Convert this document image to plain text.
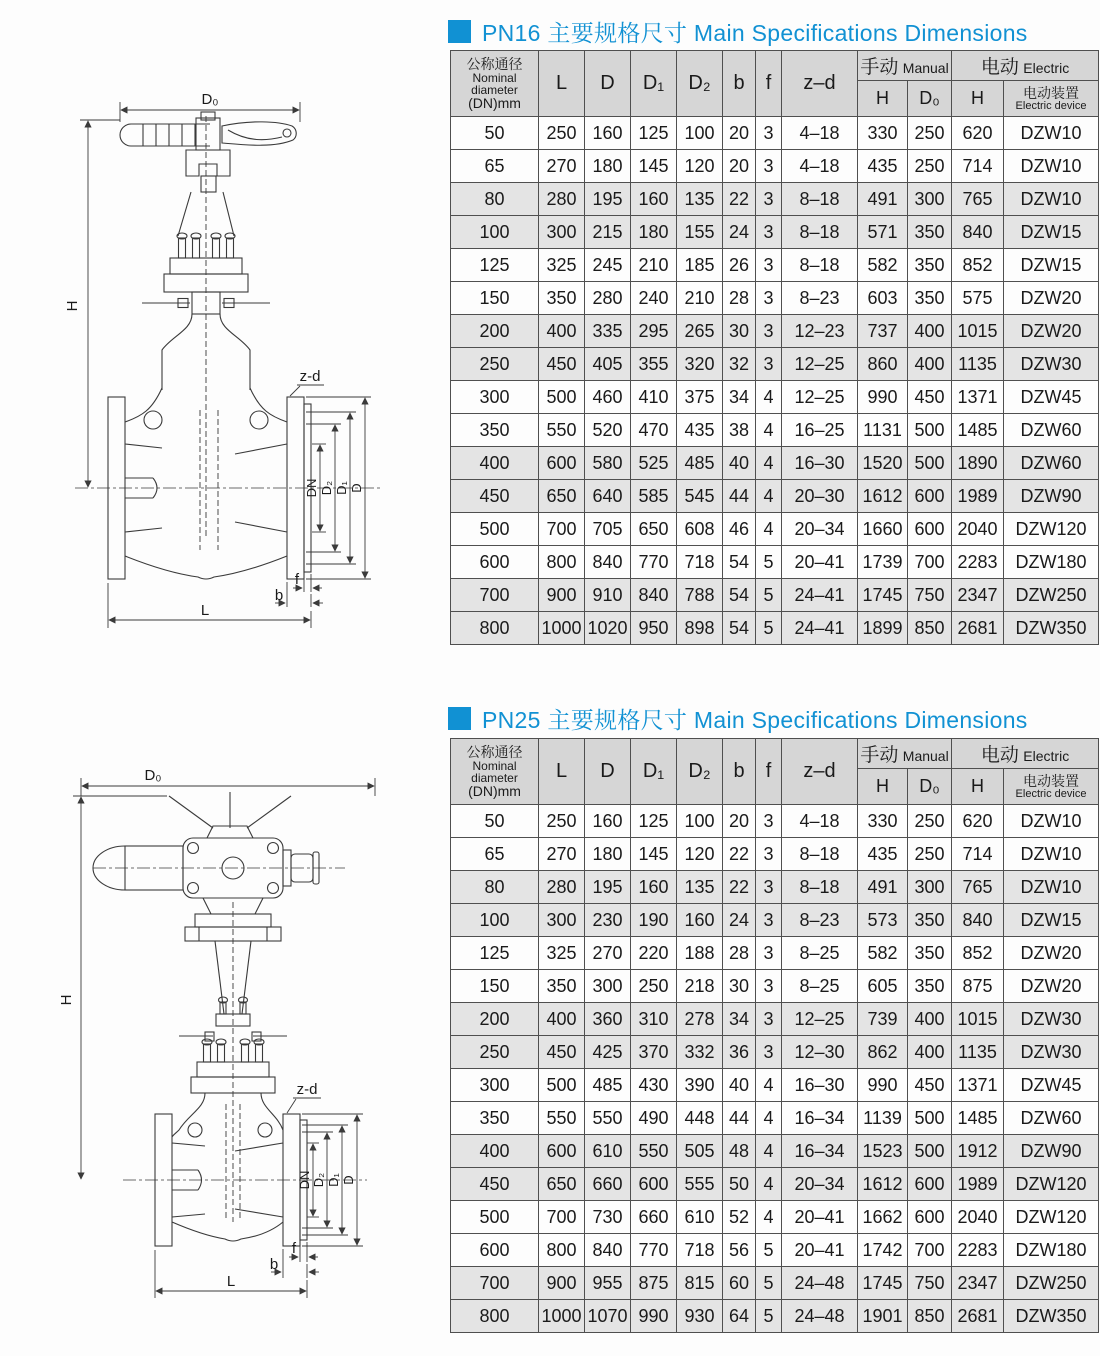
PN16 主要规格尺寸 Main Specifications Dimensions
公称通径
Nominal
diameter
(DN)mm	L	D	D₁	D₂	b	f	z–d	手动 Manual		电动 Electric	
								H	D₀	H	电动装置
Electric device

50	250	160	125	100	20	3	4–18	330	250	620	DZW10
65	270	180	145	120	20	3	4–18	435	250	714	DZW10
80	280	195	160	135	22	3	8–18	491	300	765	DZW10
100	300	215	180	155	24	3	8–18	571	350	840	DZW15
125	325	245	210	185	26	3	8–18	582	350	852	DZW15
150	350	280	240	210	28	3	8–23	603	350	575	DZW20
200	400	335	295	265	30	3	12–23	737	400	1015	DZW20
250	450	405	355	320	32	3	12–25	860	400	1135	DZW30
300	500	460	410	375	34	4	12–25	990	450	1371	DZW45
350	550	520	470	435	38	4	16–25	1131	500	1485	DZW60
400	600	580	525	485	40	4	16–30	1520	500	1890	DZW60
450	650	640	585	545	44	4	20–30	1612	600	1989	DZW90
500	700	705	650	608	46	4	20–34	1660	600	2040	DZW120
600	800	840	770	718	54	5	20–41	1739	700	2283	DZW180
700	900	910	840	788	54	5	24–41	1745	750	2347	DZW250
800	1000	1020	950	898	54	5	24–41	1899	850	2681	DZW350
PN25 主要规格尺寸 Main Specifications Dimensions
公称通径
Nominal
diameter
(DN)mm	L	D	D₁	D₂	b	f	z–d	手动 Manual		电动 Electric	
								H	D₀	H	电动装置
Electric device

50	250	160	125	100	20	3	4–18	330	250	620	DZW10
65	270	180	145	120	22	3	8–18	435	250	714	DZW10
80	280	195	160	135	22	3	8–18	491	300	765	DZW10
100	300	230	190	160	24	3	8–23	573	350	840	DZW15
125	325	270	220	188	28	3	8–25	582	350	852	DZW20
150	350	300	250	218	30	3	8–25	605	350	875	DZW20
200	400	360	310	278	34	3	12–25	739	400	1015	DZW30
250	450	425	370	332	36	3	12–30	862	400	1135	DZW30
300	500	485	430	390	40	4	16–30	990	450	1371	DZW45
350	550	550	490	448	44	4	16–34	1139	500	1485	DZW60
400	600	610	550	505	48	4	16–34	1523	500	1912	DZW90
450	650	660	600	555	50	4	20–34	1612	600	1989	DZW120
500	700	730	660	610	52	4	20–41	1662	600	2040	DZW120
600	800	840	770	718	56	5	20–41	1742	700	2283	DZW180
700	900	955	875	815	60	5	24–48	1745	750	2347	DZW250
800	1000	1070	990	930	64	5	24–48	1901	850	2681	DZW350
D₀
H
DN D₂ D₁ D
z-d
f
b
L
D₀
H
DN D₂ D₁ D
z-d
f
b
L
